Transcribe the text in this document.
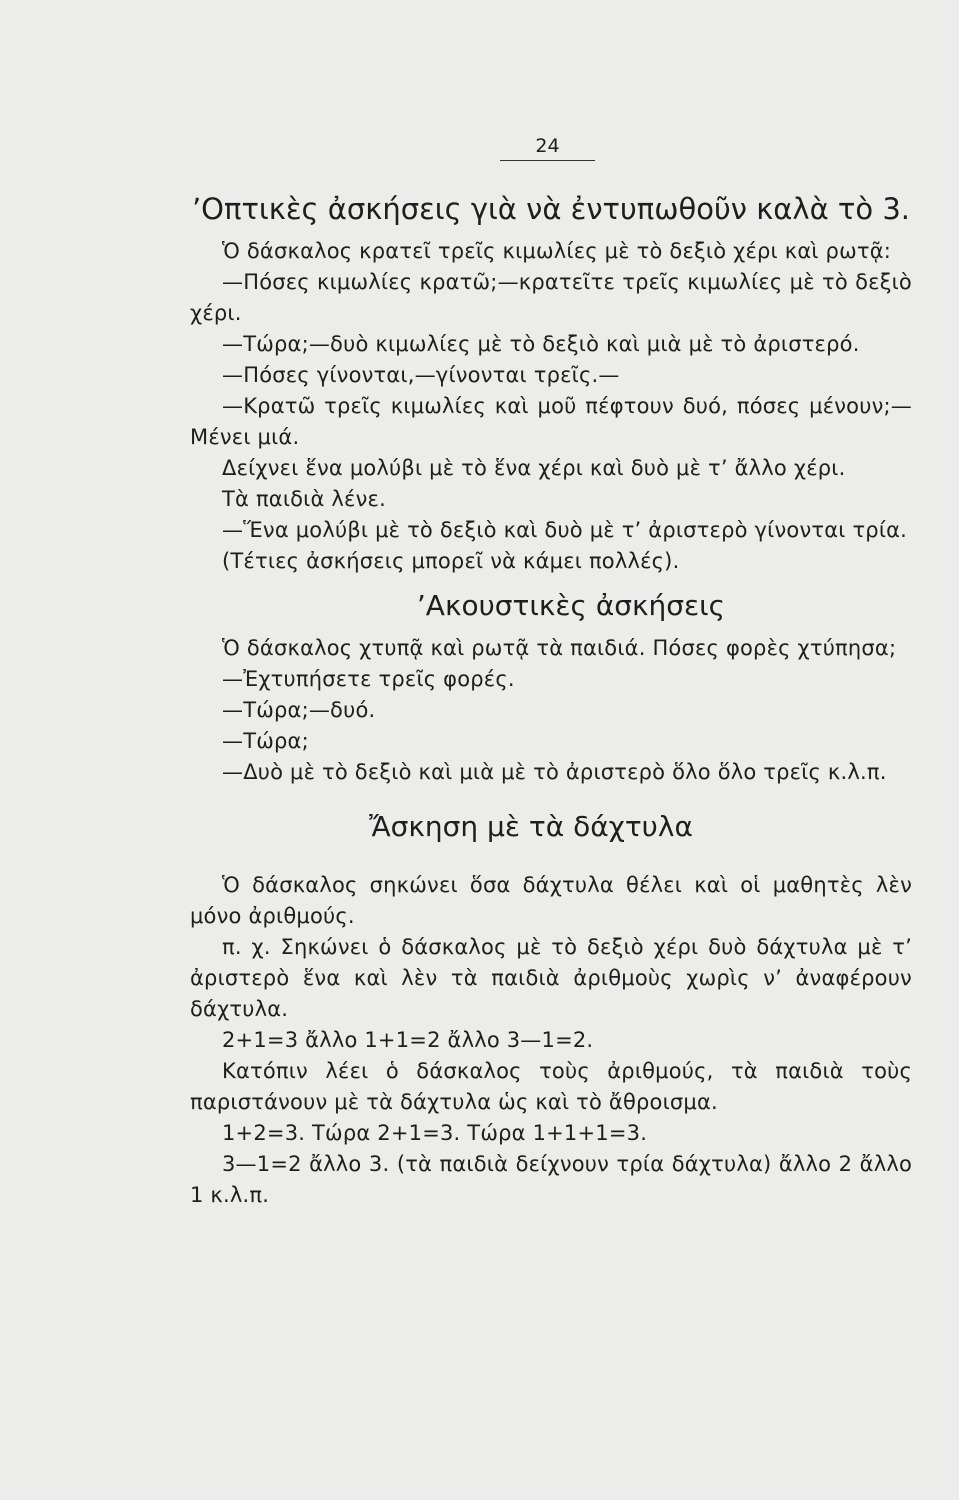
24
’Οπτικὲς ἀσκήσεις γιὰ νὰ ἐντυπωθοῦν καλὰ τὸ 3.

Ὁ δάσκαλος κρατεῖ τρεῖς κιμωλίες μὲ τὸ δεξιὸ χέρι καὶ ρωτᾷ:

—Πόσες κιμωλίες κρατῶ;—κρατεῖτε τρεῖς κιμωλίες μὲ τὸ δεξιὸ χέρι.

—Τώρα;—δυὸ κιμωλίες μὲ τὸ δεξιὸ καὶ μιὰ μὲ τὸ ἀριστερό.

—Πόσες γίνονται,—γίνονται τρεῖς.—

—Κρατῶ τρεῖς κιμωλίες καὶ μοῦ πέφτουν δυό, πόσες μένουν;—Μένει μιά.

Δείχνει ἕνα μολύβι μὲ τὸ ἕνα χέρι καὶ δυὸ μὲ τ’ ἄλλο χέρι.

Τὰ παιδιὰ λένε.

—Ἕνα μολύβι μὲ τὸ δεξιὸ καὶ δυὸ μὲ τ’ ἀριστερὸ γίνονται τρία.

(Τέτιες ἀσκήσεις μπορεῖ νὰ κάμει πολλές).

’Ακουστικὲς ἀσκήσεις

Ὁ δάσκαλος χτυπᾷ καὶ ρωτᾷ τὰ παιδιά. Πόσες φορὲς χτύπησα;

—Ἐχτυπήσετε τρεῖς φορές.

—Τώρα;—δυό.

—Τώρα;

—Δυὸ μὲ τὸ δεξιὸ καὶ μιὰ μὲ τὸ ἀριστερὸ ὅλο ὅλο τρεῖς κ.λ.π.

Ἄσκηση μὲ τὰ δάχτυλα

Ὁ δάσκαλος σηκώνει ὅσα δάχτυλα θέλει καὶ οἱ μαθητὲς λὲν μόνο ἀριθμούς.

π. χ. Σηκώνει ὁ δάσκαλος μὲ τὸ δεξιὸ χέρι δυὸ δάχτυλα μὲ τ’ ἀριστερὸ ἕνα καὶ λὲν τὰ παιδιὰ ἀριθμοὺς χωρὶς ν’ ἀναφέρουν δάχτυλα.

2+1=3 ἄλλο 1+1=2 ἄλλο 3—1=2.

Κατόπιν λέει ὁ δάσκαλος τοὺς ἀριθμούς, τὰ παιδιὰ τοὺς παριστάνουν μὲ τὰ δάχτυλα ὡς καὶ τὸ ἄθροισμα.

1+2=3. Τώρα 2+1=3. Τώρα 1+1+1=3.

3—1=2 ἄλλο 3. (τὰ παιδιὰ δείχνουν τρία δάχτυλα) ἄλλο 2 ἄλλο 1 κ.λ.π.
